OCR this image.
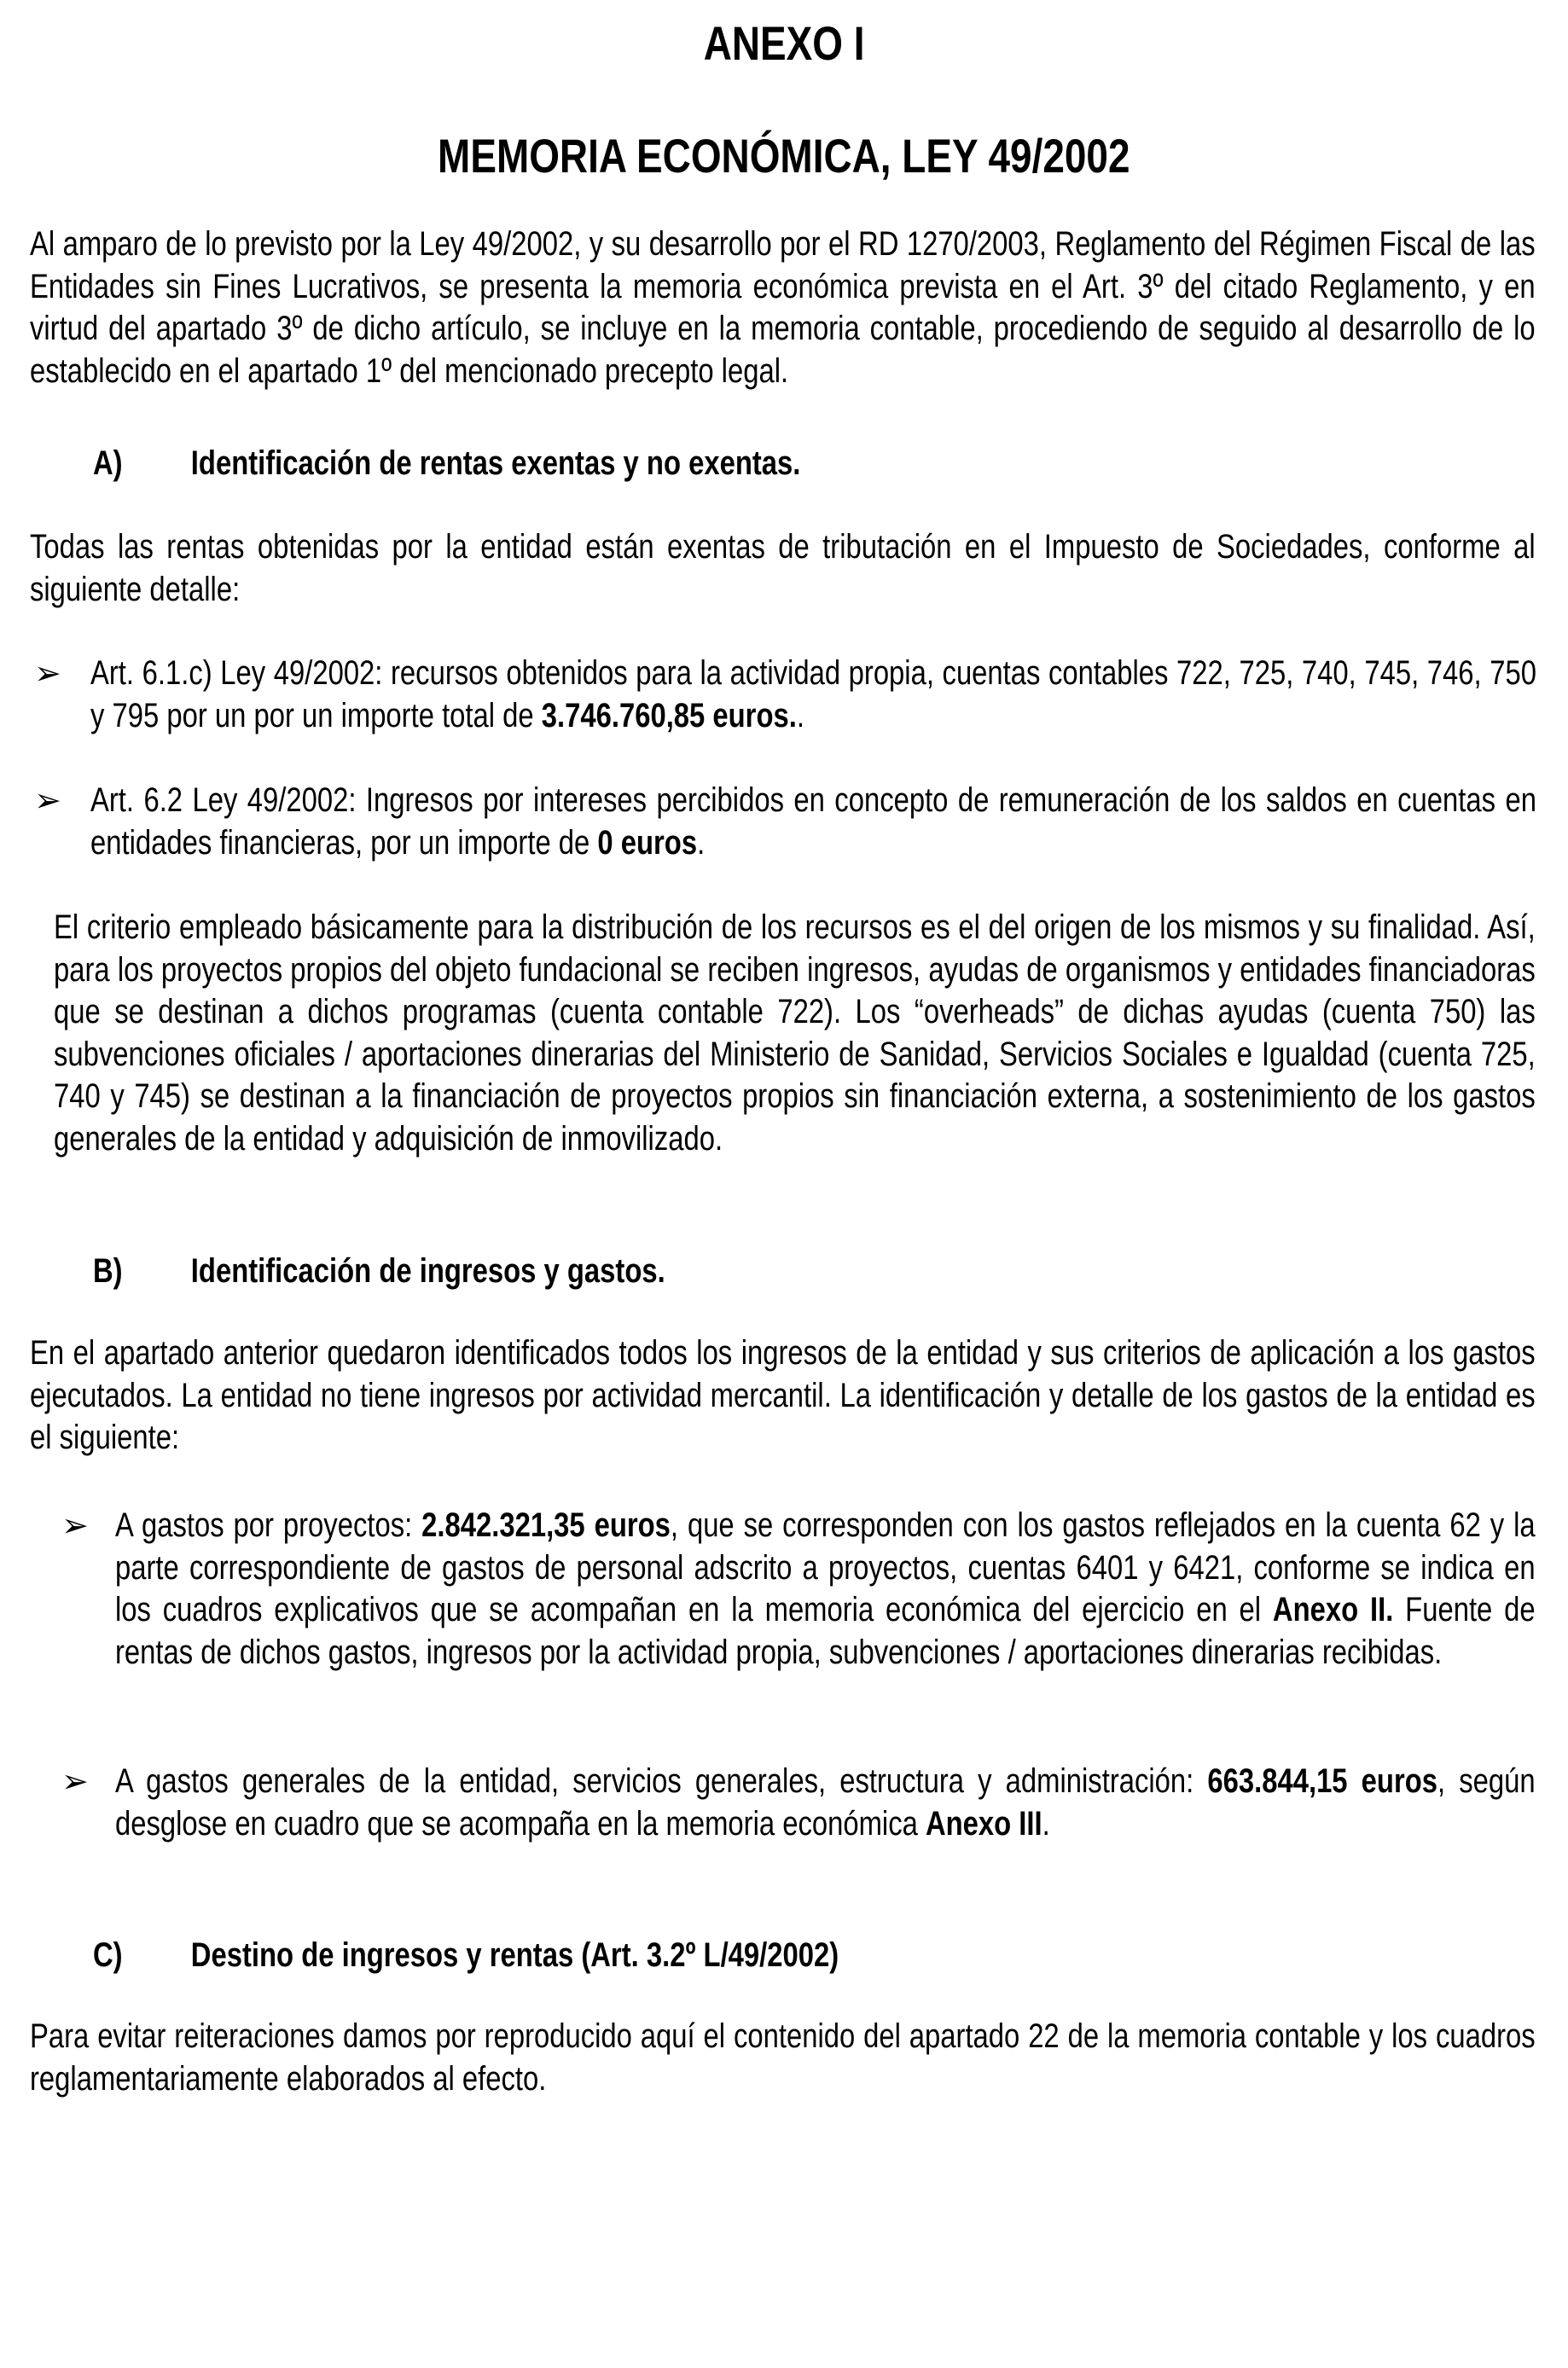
ANEXO I
MEMORIA ECONÓMICA, LEY 49/2002
Al amparo de lo previsto por la Ley 49/2002, y su desarrollo por el RD 1270/2003, Reglamento del Régimen Fiscal de las Entidades sin Fines Lucrativos, se presenta la memoria económica prevista en el Art. 3º del citado Reglamento, y en virtud del apartado 3º de dicho artículo, se incluye en la memoria contable, procediendo de seguido al desarrollo de lo establecido en el apartado 1º del mencionado precepto legal.
A) Identificación de rentas exentas y no exentas.
Todas las rentas obtenidas por la entidad están exentas de tributación en el Impuesto de Sociedades, conforme al siguiente detalle:
➢ Art. 6.1.c) Ley 49/2002: recursos obtenidos para la actividad propia, cuentas contables 722, 725, 740, 745, 746, 750 y 795 por un por un importe total de 3.746.760,85 euros..
➢ Art. 6.2 Ley 49/2002: Ingresos por intereses percibidos en concepto de remuneración de los saldos en cuentas en entidades financieras, por un importe de 0 euros.
El criterio empleado básicamente para la distribución de los recursos es el del origen de los mismos y su finalidad. Así, para los proyectos propios del objeto fundacional se reciben ingresos, ayudas de organismos y entidades financiadoras que se destinan a dichos programas (cuenta contable 722). Los “overheads” de dichas ayudas (cuenta 750) las subvenciones oficiales / aportaciones dinerarias del Ministerio de Sanidad, Servicios Sociales e Igualdad (cuenta 725, 740 y 745) se destinan a la financiación de proyectos propios sin financiación externa, a sostenimiento de los gastos generales de la entidad y adquisición de inmovilizado.
B) Identificación de ingresos y gastos.
En el apartado anterior quedaron identificados todos los ingresos de la entidad y sus criterios de aplicación a los gastos ejecutados. La entidad no tiene ingresos por actividad mercantil. La identificación y detalle de los gastos de la entidad es el siguiente:
➢ A gastos por proyectos: 2.842.321,35 euros, que se corresponden con los gastos reflejados en la cuenta 62 y la parte correspondiente de gastos de personal adscrito a proyectos, cuentas 6401 y 6421, conforme se indica en los cuadros explicativos que se acompañan en la memoria económica del ejercicio en el Anexo II. Fuente de rentas de dichos gastos, ingresos por la actividad propia, subvenciones / aportaciones dinerarias recibidas.
➢ A gastos generales de la entidad, servicios generales, estructura y administración: 663.844,15 euros, según desglose en cuadro que se acompaña en la memoria económica Anexo III.
C) Destino de ingresos y rentas (Art. 3.2º L/49/2002)
Para evitar reiteraciones damos por reproducido aquí el contenido del apartado 22 de la memoria contable y los cuadros reglamentariamente elaborados al efecto.
